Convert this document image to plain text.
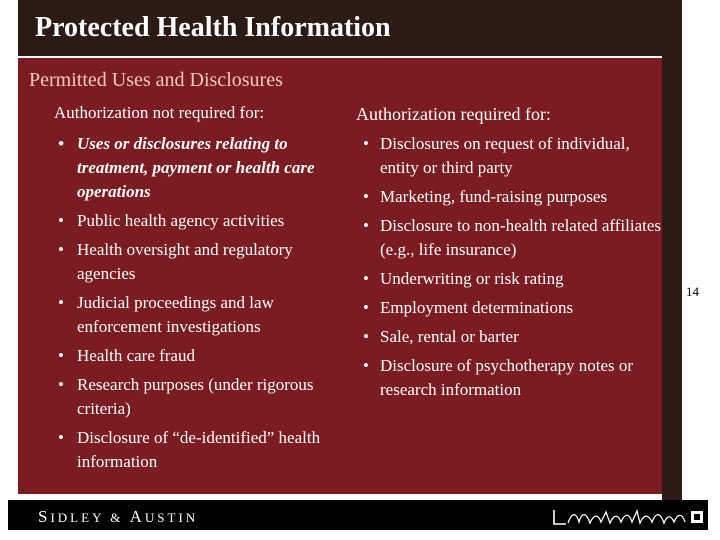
Protected Health Information
14
Permitted Uses and Disclosures
Authorization not required for:	Authorization required for:
• Uses or disclosures relating to treatment, payment or health care operations
• Public health agency activities
• Health oversight and regulatory agencies
• Judicial proceedings and law enforcement investigations
• Health care fraud
• Research purposes (under rigorous criteria)
• Disclosure of “de-identified” health information
• Disclosures on request of individual, entity or third party
• Marketing, fund-raising purposes
• Disclosure to non-health related affiliates (e.g., life insurance)
• Underwriting or risk rating
• Employment determinations
• Sale, rental or barter
• Disclosure of psychotherapy notes or research information
SIDLEY & AUSTIN
